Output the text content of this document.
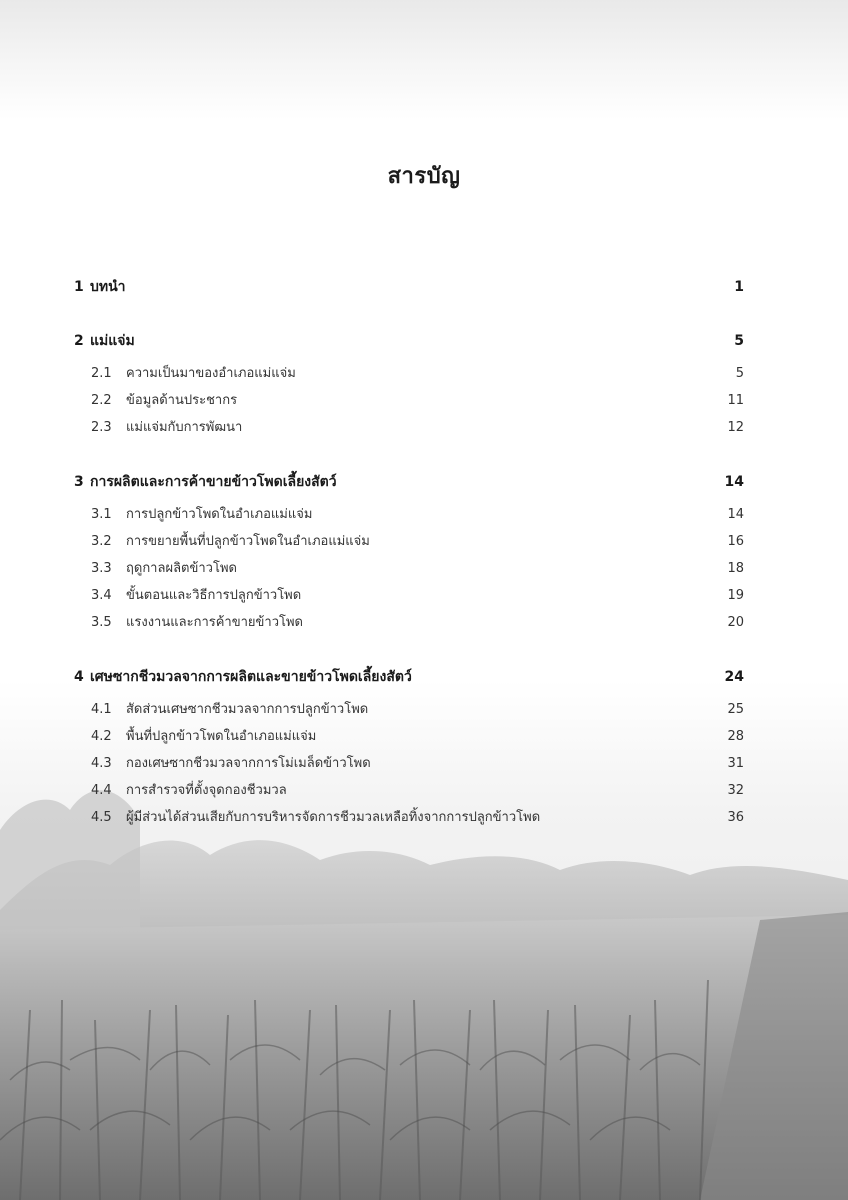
สารบัญ
1 บทนำ	1
2 แม่แจ่ม	5
2.1 ความเป็นมาของอำเภอแม่แจ่ม	5
2.2 ข้อมูลด้านประชากร	11
2.3 แม่แจ่มกับการพัฒนา	12
3 การผลิตและการค้าขายข้าวโพดเลี้ยงสัตว์	14
3.1 การปลูกข้าวโพดในอำเภอแม่แจ่ม	14
3.2 การขยายพื้นที่ปลูกข้าวโพดในอำเภอแม่แจ่ม	16
3.3 ฤดูกาลผลิตข้าวโพด	18
3.4 ขั้นตอนและวิธีการปลูกข้าวโพด	19
3.5 แรงงานและการค้าขายข้าวโพด	20
4 เศษซากชีวมวลจากการผลิตและขายข้าวโพดเลี้ยงสัตว์	24
4.1 สัดส่วนเศษซากชีวมวลจากการปลูกข้าวโพด	25
4.2 พื้นที่ปลูกข้าวโพดในอำเภอแม่แจ่ม	28
4.3 กองเศษซากชีวมวลจากการโม่เมล็ดข้าวโพด	31
4.4 การสำรวจที่ตั้งจุดกองชีวมวล	32
4.5 ผู้มีส่วนได้ส่วนเสียกับการบริหารจัดการชีวมวลเหลือทิ้งจากการปลูกข้าวโพด	36
